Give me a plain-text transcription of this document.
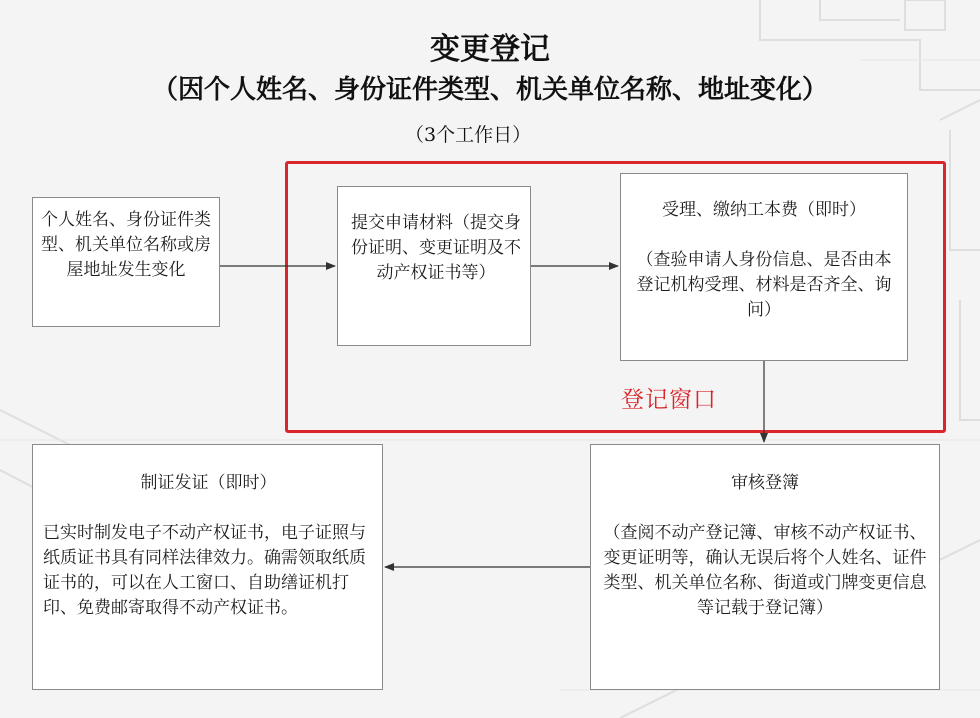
变更登记
（因个人姓名、身份证件类型、机关单位名称、地址变化）
（3个工作日）
登记窗口

个人姓名、身份证件类型、机关单位名称或房屋地址发生变化

提交申请材料（提交身份证明、变更证明及不动产权证书等）

受理、缴纳工本费（即时）

（查验申请人身份信息、是否由本登记机构受理、材料是否齐全、询问）

制证发证（即时）

已实时制发电子不动产权证书，电子证照与纸质证书具有同样法律效力。确需领取纸质证书的，可以在人工窗口、自助缮证机打印、免费邮寄取得不动产权证书。

审核登簿

（查阅不动产登记簿、审核不动产权证书、变更证明等，确认无误后将个人姓名、证件类型、机关单位名称、街道或门牌变更信息等记载于登记簿）
